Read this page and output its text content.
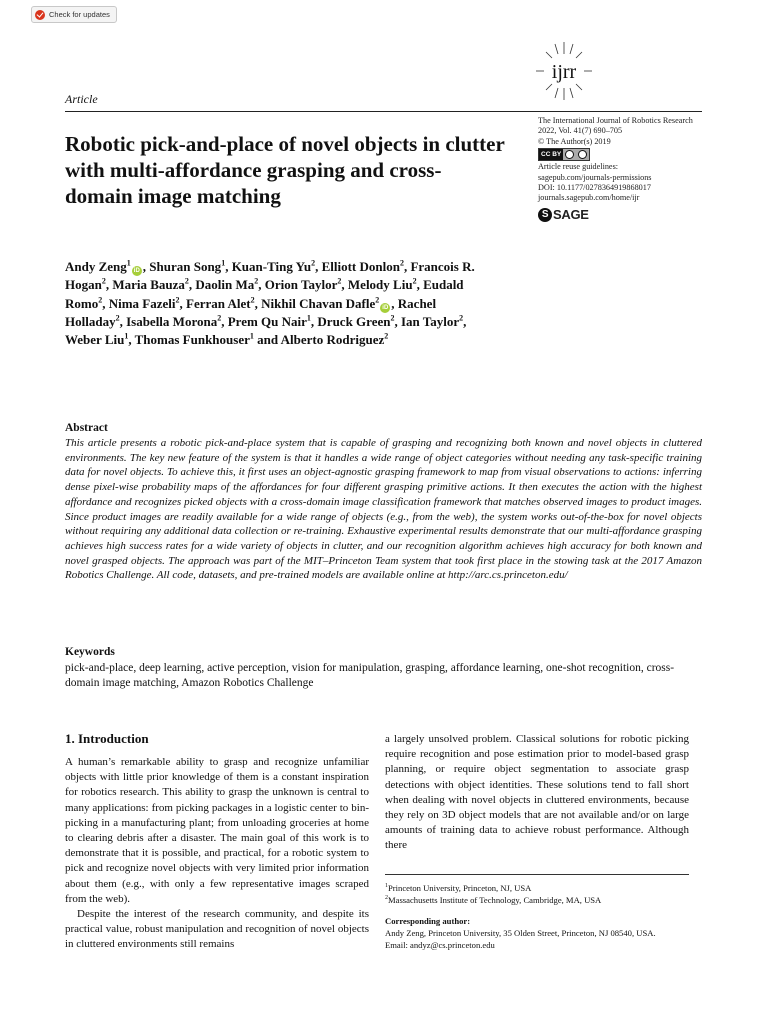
Check for updates
ijrr
Article
Robotic pick-and-place of novel objects in clutter with multi-affordance grasping and cross-domain image matching
The International Journal of Robotics Research
2022, Vol. 41(7) 690–705
© The Author(s) 2019
CC BY
Article reuse guidelines:
sagepub.com/journals-permissions
DOI: 10.1177/0278364919868017
journals.sagepub.com/home/ijr
S SAGE
Andy Zeng$^1$iD , Shuran Song$^1$, Kuan-Ting Yu$^2$, Elliott Donlon$^2$, Francois R. Hogan$^2$, Maria Bauza$^2$, Daolin Ma$^2$, Orion Taylor$^2$, Melody Liu$^2$, Eudald Romo$^2$, Nima Fazeli$^2$, Ferran Alet$^2$, Nikhil Chavan Dafle$^2$iD , Rachel Holladay$^2$, Isabella Morona$^2$, Prem Qu Nair$^1$, Druck Green$^2$, Ian Taylor$^2$, Weber Liu$^1$, Thomas Funkhouser$^1$ and Alberto Rodriguez$^2$
Abstract

This article presents a robotic pick-and-place system that is capable of grasping and recognizing both known and novel objects in cluttered environments. The key new feature of the system is that it handles a wide range of object categories without needing any task-specific training data for novel objects. To achieve this, it first uses an object-agnostic grasping framework to map from visual observations to actions: inferring dense pixel-wise probability maps of the affordances for four different grasping primitive actions. It then executes the action with the highest affordance and recognizes picked objects with a cross-domain image classification framework that matches observed images to product images. Since product images are readily available for a wide range of objects (e.g., from the web), the system works out-of-the-box for novel objects without requiring any additional data collection or re-training. Exhaustive experimental results demonstrate that our multi-affordance grasping achieves high success rates for a wide variety of objects in clutter, and our recognition algorithm achieves high accuracy for both known and novel grasped objects. The approach was part of the MIT–Princeton Team system that took first place in the stowing task at the 2017 Amazon Robotics Challenge. All code, datasets, and pre-trained models are available online at http://arc.cs.princeton.edu/

Keywords

pick-and-place, deep learning, active perception, vision for manipulation, grasping, affordance learning, one-shot recognition, cross-domain image matching, Amazon Robotics Challenge

1. Introduction

A human’s remarkable ability to grasp and recognize unfamiliar objects with little prior knowledge of them is a constant inspiration for robotics research. This ability to grasp the unknown is central to many applications: from picking packages in a logistic center to bin-picking in a manufacturing plant; from unloading groceries at home to clearing debris after a disaster. The main goal of this work is to demonstrate that it is possible, and practical, for a robotic system to pick and recognize novel objects with very limited prior information about them (e.g., with only a few representative images scraped from the web).

Despite the interest of the research community, and despite its practical value, robust manipulation and recognition of novel objects in cluttered environments still remains

a largely unsolved problem. Classical solutions for robotic picking require recognition and pose estimation prior to model-based grasp planning, or require object segmentation to associate grasp detections with object identities. These solutions tend to fall short when dealing with novel objects in cluttered environments, because they rely on 3D object models that are not available and/or on large amounts of training data to achieve robust performance. Although there

$^1$Princeton University, Princeton, NJ, USA
$^2$Massachusetts Institute of Technology, Cambridge, MA, USA
Corresponding author:
Andy Zeng, Princeton University, 35 Olden Street, Princeton, NJ 08540, USA.
Email: andyz@cs.princeton.edu
